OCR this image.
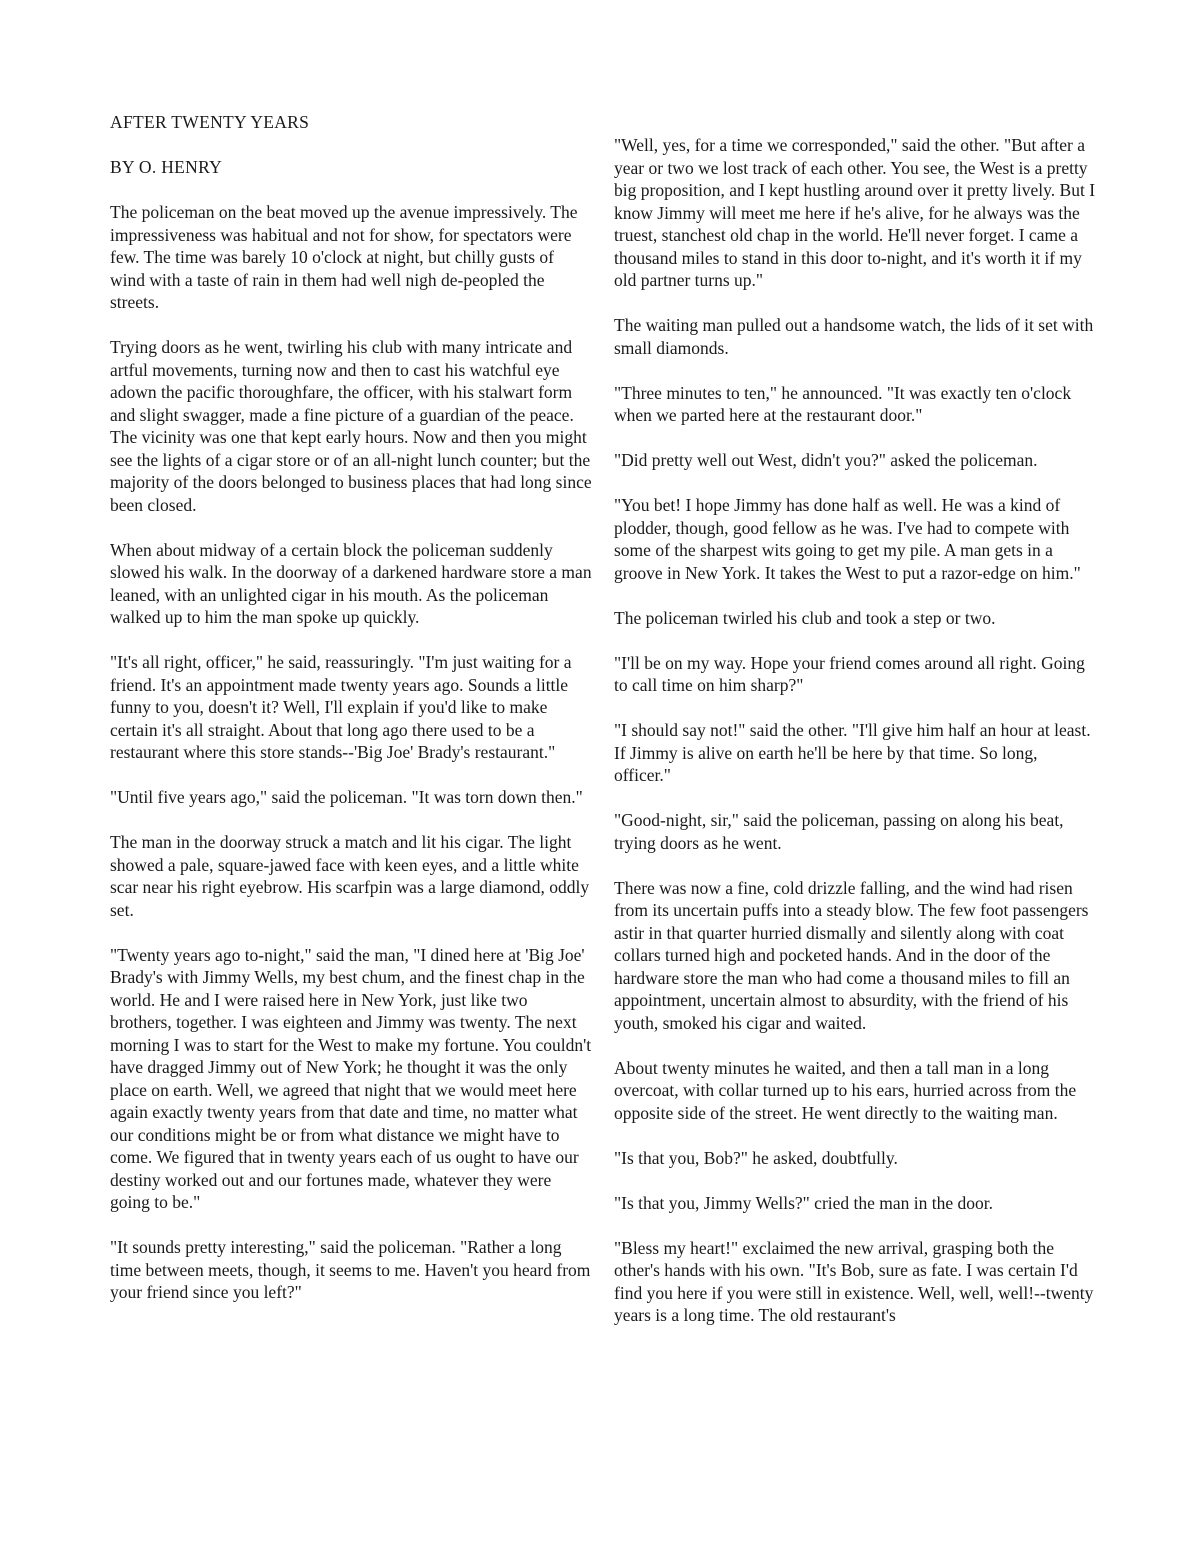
AFTER TWENTY YEARS

BY O. HENRY

The policeman on the beat moved up the avenue impressively. The impressiveness was habitual and not for show, for spectators were few. The time was barely 10 o'clock at night, but chilly gusts of wind with a taste of rain in them had well nigh de-peopled the streets.

Trying doors as he went, twirling his club with many intricate and artful movements, turning now and then to cast his watchful eye adown the pacific thoroughfare, the officer, with his stalwart form and slight swagger, made a fine picture of a guardian of the peace. The vicinity was one that kept early hours. Now and then you might see the lights of a cigar store or of an all-night lunch counter; but the majority of the doors belonged to business places that had long since been closed.

When about midway of a certain block the policeman suddenly slowed his walk. In the doorway of a darkened hardware store a man leaned, with an unlighted cigar in his mouth. As the policeman walked up to him the man spoke up quickly.

"It's all right, officer," he said, reassuringly. "I'm just waiting for a friend. It's an appointment made twenty years ago. Sounds a little funny to you, doesn't it? Well, I'll explain if you'd like to make certain it's all straight. About that long ago there used to be a restaurant where this store stands--'Big Joe' Brady's restaurant."

"Until five years ago," said the policeman. "It was torn down then."

The man in the doorway struck a match and lit his cigar. The light showed a pale, square-jawed face with keen eyes, and a little white scar near his right eyebrow. His scarfpin was a large diamond, oddly set.

"Twenty years ago to-night," said the man, "I dined here at 'Big Joe' Brady's with Jimmy Wells, my best chum, and the finest chap in the world. He and I were raised here in New York, just like two brothers, together. I was eighteen and Jimmy was twenty. The next morning I was to start for the West to make my fortune. You couldn't have dragged Jimmy out of New York; he thought it was the only place on earth. Well, we agreed that night that we would meet here again exactly twenty years from that date and time, no matter what our conditions might be or from what distance we might have to come. We figured that in twenty years each of us ought to have our destiny worked out and our fortunes made, whatever they were going to be."

"It sounds pretty interesting," said the policeman. "Rather a long time between meets, though, it seems to me. Haven't you heard from your friend since you left?"

"Well, yes, for a time we corresponded," said the other. "But after a year or two we lost track of each other. You see, the West is a pretty big proposition, and I kept hustling around over it pretty lively. But I know Jimmy will meet me here if he's alive, for he always was the truest, stanchest old chap in the world. He'll never forget. I came a thousand miles to stand in this door to-night, and it's worth it if my old partner turns up."

The waiting man pulled out a handsome watch, the lids of it set with small diamonds.

"Three minutes to ten," he announced. "It was exactly ten o'clock when we parted here at the restaurant door."

"Did pretty well out West, didn't you?" asked the policeman.

"You bet! I hope Jimmy has done half as well. He was a kind of plodder, though, good fellow as he was. I've had to compete with some of the sharpest wits going to get my pile. A man gets in a groove in New York. It takes the West to put a razor-edge on him."

The policeman twirled his club and took a step or two.

"I'll be on my way. Hope your friend comes around all right. Going to call time on him sharp?"

"I should say not!" said the other. "I'll give him half an hour at least. If Jimmy is alive on earth he'll be here by that time. So long, officer."

"Good-night, sir," said the policeman, passing on along his beat, trying doors as he went.

There was now a fine, cold drizzle falling, and the wind had risen from its uncertain puffs into a steady blow. The few foot passengers astir in that quarter hurried dismally and silently along with coat collars turned high and pocketed hands. And in the door of the hardware store the man who had come a thousand miles to fill an appointment, uncertain almost to absurdity, with the friend of his youth, smoked his cigar and waited.

About twenty minutes he waited, and then a tall man in a long overcoat, with collar turned up to his ears, hurried across from the opposite side of the street. He went directly to the waiting man.

"Is that you, Bob?" he asked, doubtfully.

"Is that you, Jimmy Wells?" cried the man in the door.

"Bless my heart!" exclaimed the new arrival, grasping both the other's hands with his own. "It's Bob, sure as fate. I was certain I'd find you here if you were still in existence. Well, well, well!--twenty years is a long time. The old restaurant's
